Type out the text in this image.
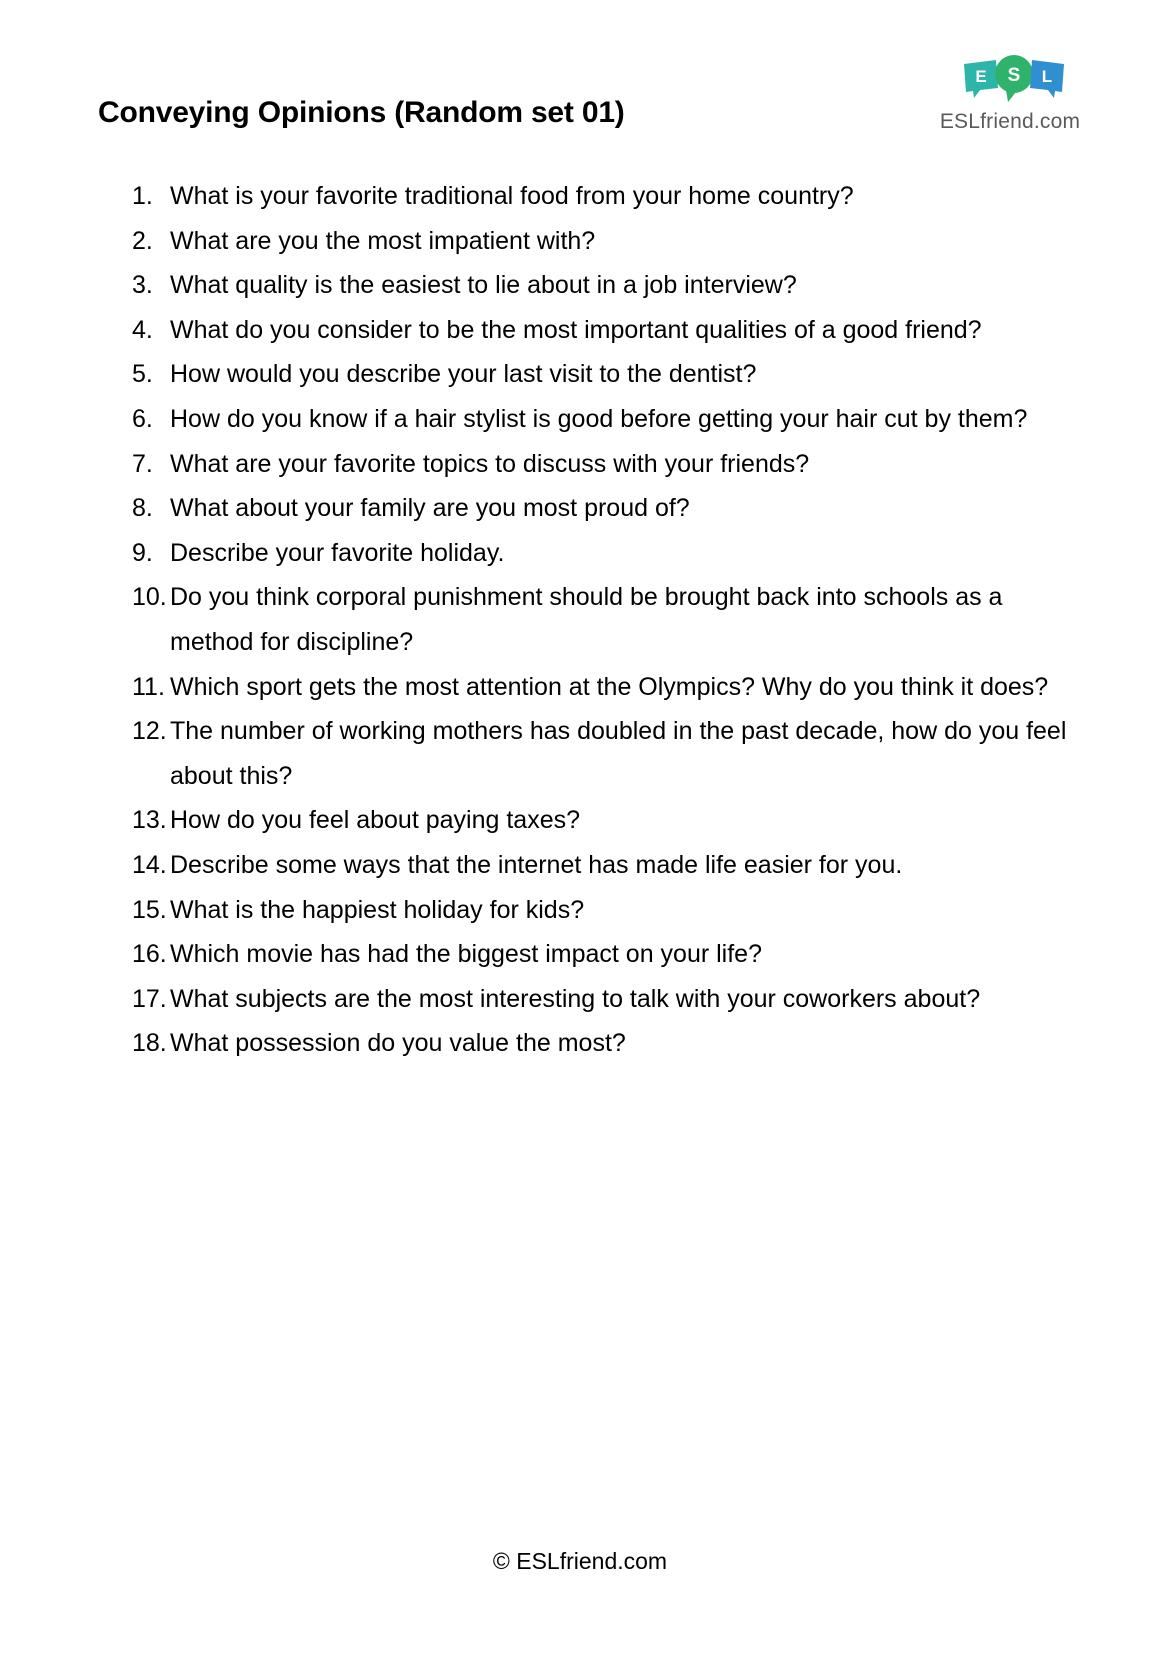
Conveying Opinions (Random set 01)
E S L
ESLfriend.com
1. What is your favorite traditional food from your home country?
2. What are you the most impatient with?
3. What quality is the easiest to lie about in a job interview?
4. What do you consider to be the most important qualities of a good friend?
5. How would you describe your last visit to the dentist?
6. How do you know if a hair stylist is good before getting your hair cut by them?
7. What are your favorite topics to discuss with your friends?
8. What about your family are you most proud of?
9. Describe your favorite holiday.
10. Do you think corporal punishment should be brought back into schools as a method for discipline?
11. Which sport gets the most attention at the Olympics? Why do you think it does?
12. The number of working mothers has doubled in the past decade, how do you feel about this?
13. How do you feel about paying taxes?
14. Describe some ways that the internet has made life easier for you.
15. What is the happiest holiday for kids?
16. Which movie has had the biggest impact on your life?
17. What subjects are the most interesting to talk with your coworkers about?
18. What possession do you value the most?
© ESLfriend.com
